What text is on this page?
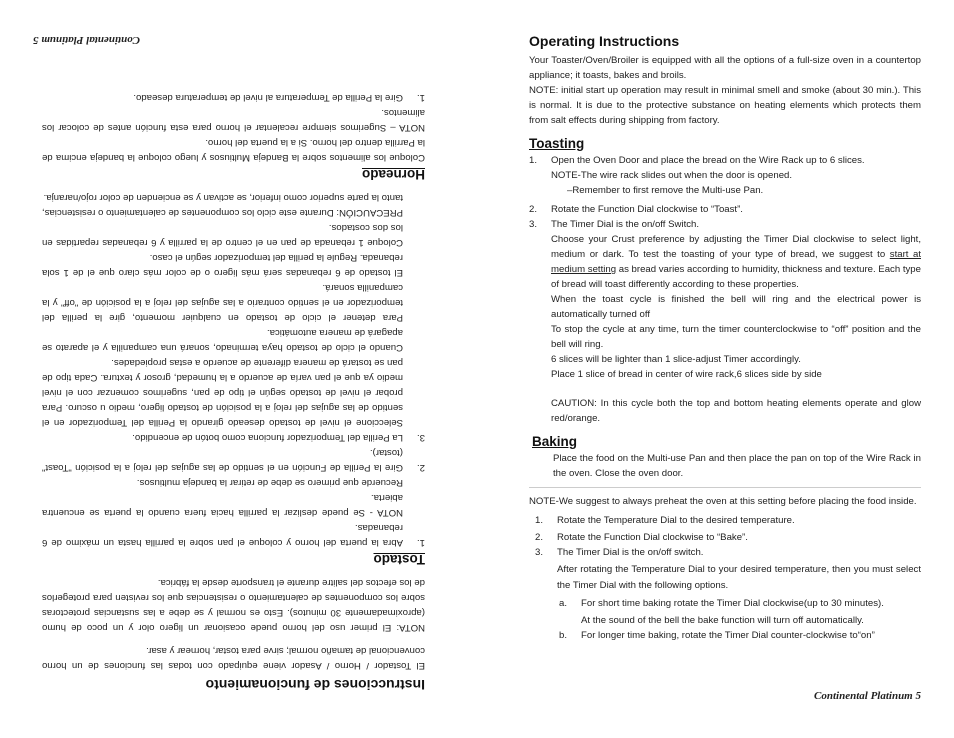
Instrucciones de funcionamiento

El Tostador / Horno / Asador viene equipado con todas las funciones de un horno convencional de tamaño normal; sirve para tostar, hornear y asar.

NOTA: El primer uso del horno puede ocasionar un ligero olor y un poco de humo (aproximadamente 30 minutos). Esto es normal y se debe a las sustancias protectoras sobre los componentes de calentamiento o resistencias que los revisten para protegerlos de los efectos del salitre durante el transporte desde la fábrica.

Tostado
1.
Abra la puerta del horno y coloque el pan sobre la parrilla hasta un máximo de 6 rebanadas.
NOTA - Se puede deslizar la parrilla hacia fuera cuando la puerta se encuentra abierta.
Recuerde que primero se debe de retirar la bandeja multiusos.
2.
Gire la Perilla de Función en el sentido de las agujas del reloj a la posición "Toast" (tostar).
3.
La Perilla del Temporizador funciona como botón de encendido.
Seleccione el nivel de tostado deseado girando la Perilla del Temporizador en el sentido de las agujas del reloj a la posición de tostado ligero, medio u oscuro. Para probar el nivel de tostado según el tipo de pan, sugerimos comenzar con el nivel medio ya que el pan varía de acuerdo a la humedad, grosor y textura. Cada tipo de pan se tostará de manera diferente de acuerdo a estas propiedades.
Cuando el ciclo de tostado haya terminado, sonará una campanilla y el aparato se apagará de manera automática.
Para detener el ciclo de tostado en cualquier momento, gire la perilla del temporizador en el sentido contrario a las agujas del reloj a la posición de "off" y la campanilla sonará.
El tostado de 6 rebanadas será más ligero o de color más claro que el de 1 sola rebanada. Regule la perilla del temporizador según el caso.
Coloque 1 rebanada de pan en el centro de la parrilla y 6 rebanadas repartidas en los dos costados.
PRECAUCIÓN: Durante este ciclo los componentes de calentamiento o resistencias, tanto la parte superior como inferior, se activan y se encienden de color rojo/naranja.
Horneado

Coloque los alimentos sobre la Bandeja Multiusos y luego coloque la bandeja encima de la Parrilla dentro del horno. Si a la puerta del horno.

NOTA – Sugerimos siempre recalentar el horno para esta función antes de colocar los alimentos.

1.
Gire la Perilla de Temperatura al nivel de temperatura deseado.
Continental Platinum 5	Operating Instructions

Your Toaster/Oven/Broiler is equipped with all the options of a full-size oven in a countertop appliance; it toasts, bakes and broils.

NOTE: initial start up operation may result in minimal smell and smoke (about 30 min.). This is normal. It is due to the protective substance on heating elements which protects them from salt effects during shipping from factory.

Toasting
1.	Open the Oven Door and place the bread on the Wire Rack up to 6 slices.
NOTE-The wire rack slides out when the door is opened.
–Remember to first remove the Multi-use Pan.
2.	Rotate the Function Dial clockwise to “Toast”.
3.	The Timer Dial is the on/off Switch.
Choose your Crust preference by adjusting the Timer Dial clockwise to select light, medium or dark. To test the toasting of your type of bread, we suggest to start at medium setting as bread varies according to humidity, thickness and texture. Each type of bread will toast differently according to these properties.
When the toast cycle is finished the bell will ring and the electrical power is automatically turned off
To stop the cycle at any time, turn the timer counterclockwise to “off” position and the bell will ring.
6 slices will be lighter than 1 slice-adjust Timer accordingly.
Place 1 slice of bread in center of wire rack,6 slices side by side
CAUTION: In this cycle both the top and bottom heating elements operate and glow red/orange.
Baking
Place the food on the Multi-use Pan and then place the pan on top of the Wire Rack in the oven. Close the oven door.

NOTE-We suggest to always preheat the oven at this setting before placing the food inside.

1.	Rotate the Temperature Dial to the desired temperature.
2.	Rotate the Function Dial clockwise to “Bake”.
3.	The Timer Dial is the on/off switch.
After rotating the Temperature Dial to your desired temperature, then you must select the Timer Dial with the following options.
a.	For short time baking rotate the Timer Dial clockwise(up to 30 minutes).
At the sound of the bell the bake function will turn off automatically.
b.	For longer time baking, rotate the Timer Dial counter-clockwise to“on”
Continental Platinum 5
